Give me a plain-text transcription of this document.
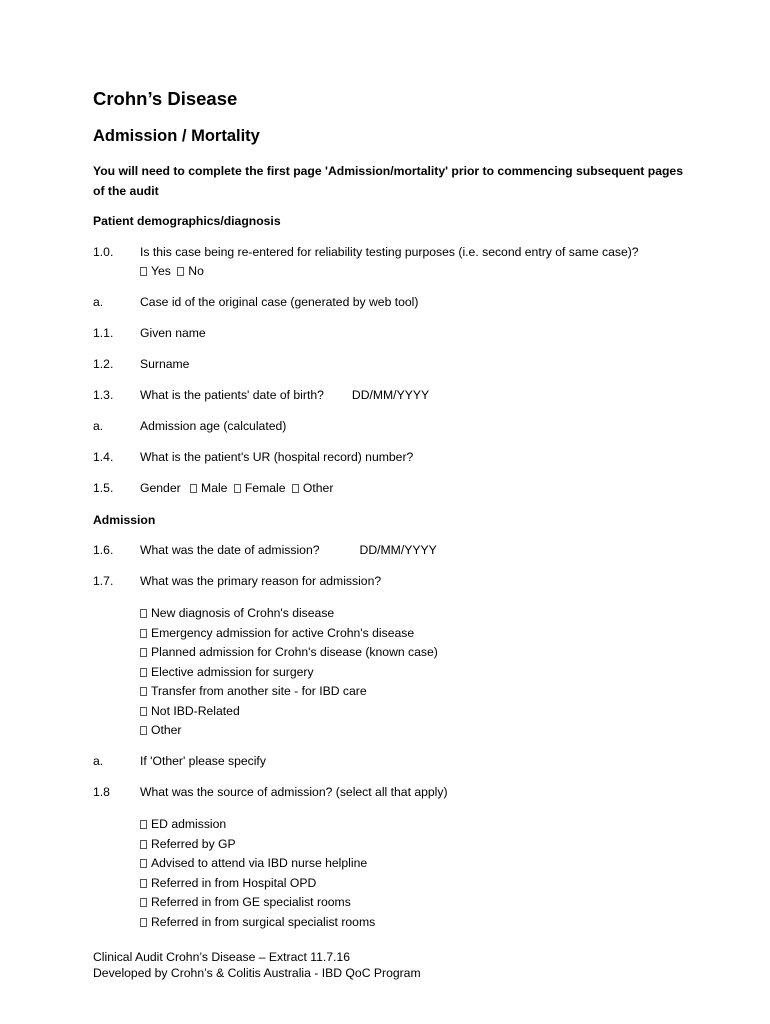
Crohn’s Disease
Admission / Mortality
You will need to complete the first page 'Admission/mortality' prior to commencing subsequent pages of the audit
Patient demographics/diagnosis
1.0. Is this case being re-entered for reliability testing purposes (i.e. second entry of same case)?
Yes No
a.	Case id of the original case (generated by web tool)
1.1. Given name
1.2. Surname
1.3. What is the patients' date of birth? DD/MM/YYYY
a.	Admission age (calculated)
1.4. What is the patient's UR (hospital record) number?
1.5. Gender Male Female Other
Admission
1.6. What was the date of admission?	DD/MM/YYYY
1.7. What was the primary reason for admission?
New diagnosis of Crohn's disease
Emergency admission for active Crohn's disease
Planned admission for Crohn's disease (known case)
Elective admission for surgery
Transfer from another site - for IBD care
Not IBD-Related
Other
a.	If 'Other' please specify
1.8 What was the source of admission? (select all that apply)
ED admission
Referred by GP
Advised to attend via IBD nurse helpline
Referred in from Hospital OPD
Referred in from GE specialist rooms
Referred in from surgical specialist rooms
Clinical Audit Crohn’s Disease – Extract 11.7.16
Developed by Crohn’s & Colitis Australia - IBD QoC Program
